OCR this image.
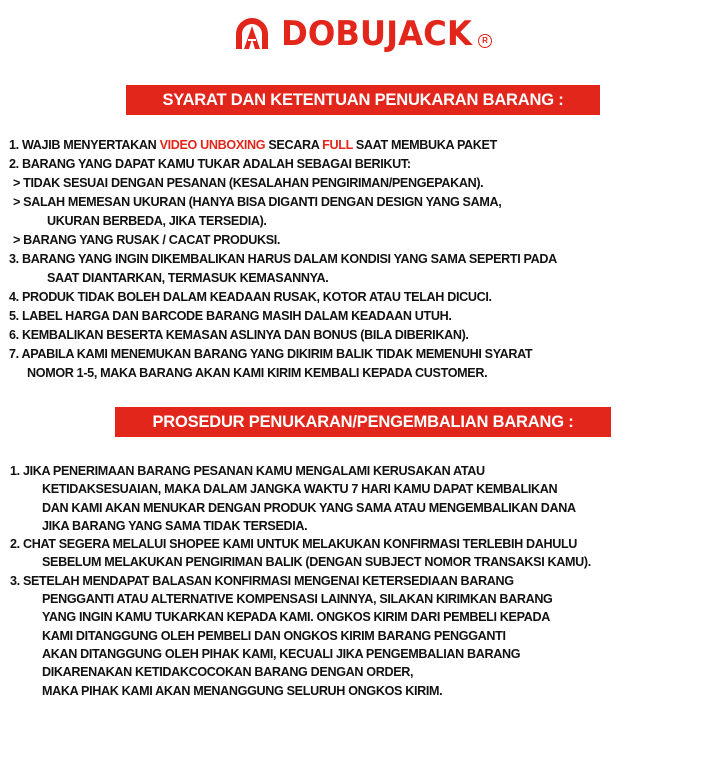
DOBUJACK	R
SYARAT DAN KETENTUAN PENUKARAN BARANG :
1. WAJIB MENYERTAKAN VIDEO UNBOXING SECARA FULL SAAT MEMBUKA PAKET
2. BARANG YANG DAPAT KAMU TUKAR ADALAH SEBAGAI BERIKUT:
> TIDAK SESUAI DENGAN PESANAN (KESALAHAN PENGIRIMAN/PENGEPAKAN).
> SALAH MEMESAN UKURAN (HANYA BISA DIGANTI DENGAN DESIGN YANG SAMA,
UKURAN BERBEDA, JIKA TERSEDIA).
> BARANG YANG RUSAK / CACAT PRODUKSI.
3. BARANG YANG INGIN DIKEMBALIKAN HARUS DALAM KONDISI YANG SAMA SEPERTI PADA
SAAT DIANTARKAN, TERMASUK KEMASANNYA.
4. PRODUK TIDAK BOLEH DALAM KEADAAN RUSAK, KOTOR ATAU TELAH DICUCI.
5. LABEL HARGA DAN BARCODE BARANG MASIH DALAM KEADAAN UTUH.
6. KEMBALIKAN BESERTA KEMASAN ASLINYA DAN BONUS (BILA DIBERIKAN).
7. APABILA KAMI MENEMUKAN BARANG YANG DIKIRIM BALIK TIDAK MEMENUHI SYARAT
NOMOR 1-5, MAKA BARANG AKAN KAMI KIRIM KEMBALI KEPADA CUSTOMER.
PROSEDUR PENUKARAN/PENGEMBALIAN BARANG :
1. JIKA PENERIMAAN BARANG PESANAN KAMU MENGALAMI KERUSAKAN ATAU
KETIDAKSESUAIAN, MAKA DALAM JANGKA WAKTU 7 HARI KAMU DAPAT KEMBALIKAN
DAN KAMI AKAN MENUKAR DENGAN PRODUK YANG SAMA ATAU MENGEMBALIKAN DANA
JIKA BARANG YANG SAMA TIDAK TERSEDIA.
2. CHAT SEGERA MELALUI SHOPEE KAMI UNTUK MELAKUKAN KONFIRMASI TERLEBIH DAHULU
SEBELUM MELAKUKAN PENGIRIMAN BALIK (DENGAN SUBJECT NOMOR TRANSAKSI KAMU).
3. SETELAH MENDAPAT BALASAN KONFIRMASI MENGENAI KETERSEDIAAN BARANG
PENGGANTI ATAU ALTERNATIVE KOMPENSASI LAINNYA, SILAKAN KIRIMKAN BARANG
YANG INGIN KAMU TUKARKAN KEPADA KAMI. ONGKOS KIRIM DARI PEMBELI KEPADA
KAMI DITANGGUNG OLEH PEMBELI DAN ONGKOS KIRIM BARANG PENGGANTI
AKAN DITANGGUNG OLEH PIHAK KAMI, KECUALI JIKA PENGEMBALIAN BARANG
DIKARENAKAN KETIDAKCOCOKAN BARANG DENGAN ORDER,
MAKA PIHAK KAMI AKAN MENANGGUNG SELURUH ONGKOS KIRIM.
